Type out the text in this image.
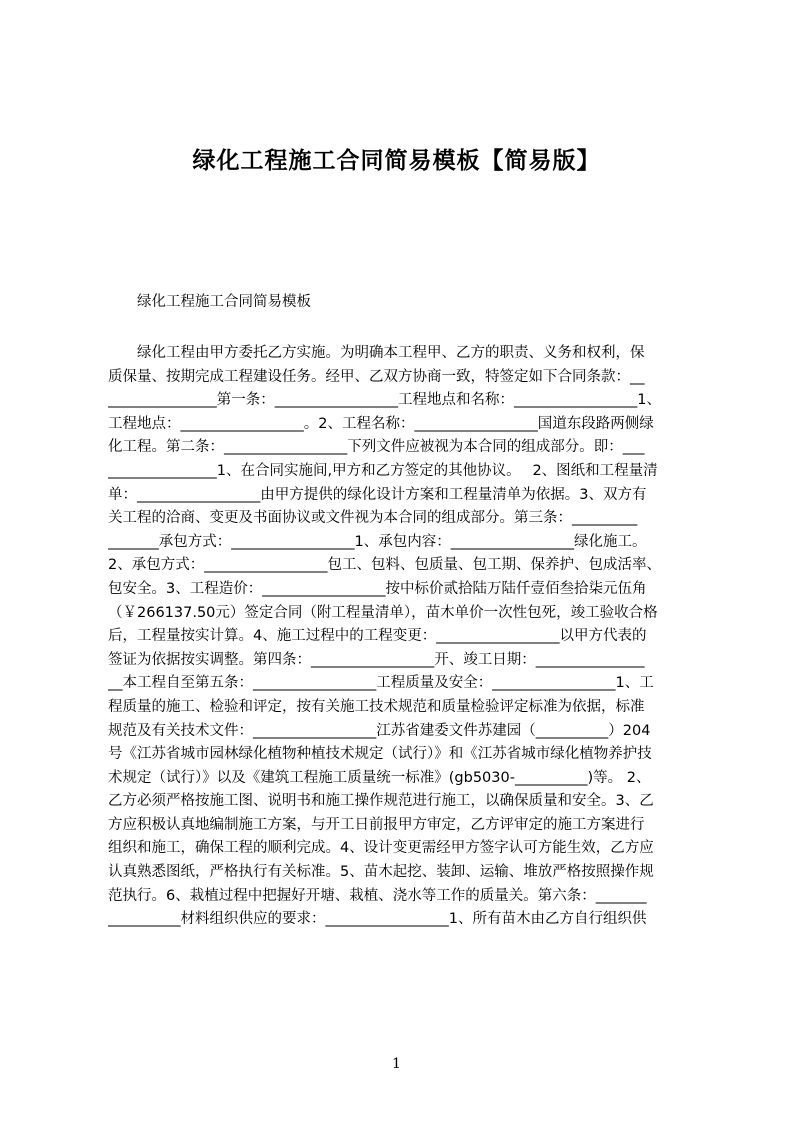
绿化工程施工合同简易模板【简易版】
绿化工程施工合同简易模板
　　绿化工程由甲方委托乙方实施。为明确本工程甲、乙方的职责、义务和权利，保
质保量、按期完成工程建设任务。经甲、乙双方协商一致，特签定如下合同条款：__
_______________第一条：_________________工程地点和名称：_________________1、
工程地点：_________________。2、工程名称：_________________国道东段路两侧绿
化工程。第二条：_________________下列文件应被视为本合同的组成部分。即：___
_______________1、在合同实施间,甲方和乙方签定的其他协议。　 2、图纸和工程量清
单：_________________由甲方提供的绿化设计方案和工程量清单为依据。3、双方有
关工程的洽商、变更及书面协议或文件视为本合同的组成部分。第三条：_________
_______承包方式：_________________1、承包内容：_________________绿化施工。
2、承包方式：_________________包工、包料、包质量、包工期、保养护、包成活率、
包安全。3、工程造价：_________________按中标价贰拾陆万陆仟壹佰叁拾柒元伍角
（￥266137.50元）签定合同（附工程量清单），苗木单价一次性包死，竣工验收合格
后，工程量按实计算。4、施工过程中的工程变更：_________________以甲方代表的
签证为依据按实调整。第四条：_________________开、竣工日期：_______________
__本工程自至第五条：_________________工程质量及安全：_________________1、工
程质量的施工、检验和评定，按有关施工技术规范和质量检验评定标准为依据，标准
规范及有关技术文件：_________________江苏省建委文件苏建园（__________）204
号《江苏省城市园林绿化植物种植技术规定（试行）》和《江苏省城市绿化植物养护技
术规定（试行）》以及《建筑工程施工质量统一标准》(gb5030-__________)等。 2、
乙方必须严格按施工图、说明书和施工操作规范进行施工，以确保质量和安全。3、乙
方应积极认真地编制施工方案，与开工日前报甲方审定，乙方评审定的施工方案进行
组织和施工，确保工程的顺利完成。4、设计变更需经甲方签字认可方能生效，乙方应
认真熟悉图纸，严格执行有关标准。5、苗木起挖、装卸、运输、堆放严格按照操作规
范执行。6、栽植过程中把握好开塘、栽植、浇水等工作的质量关。第六条：_______
__________材料组织供应的要求：_________________1、所有苗木由乙方自行组织供
1
